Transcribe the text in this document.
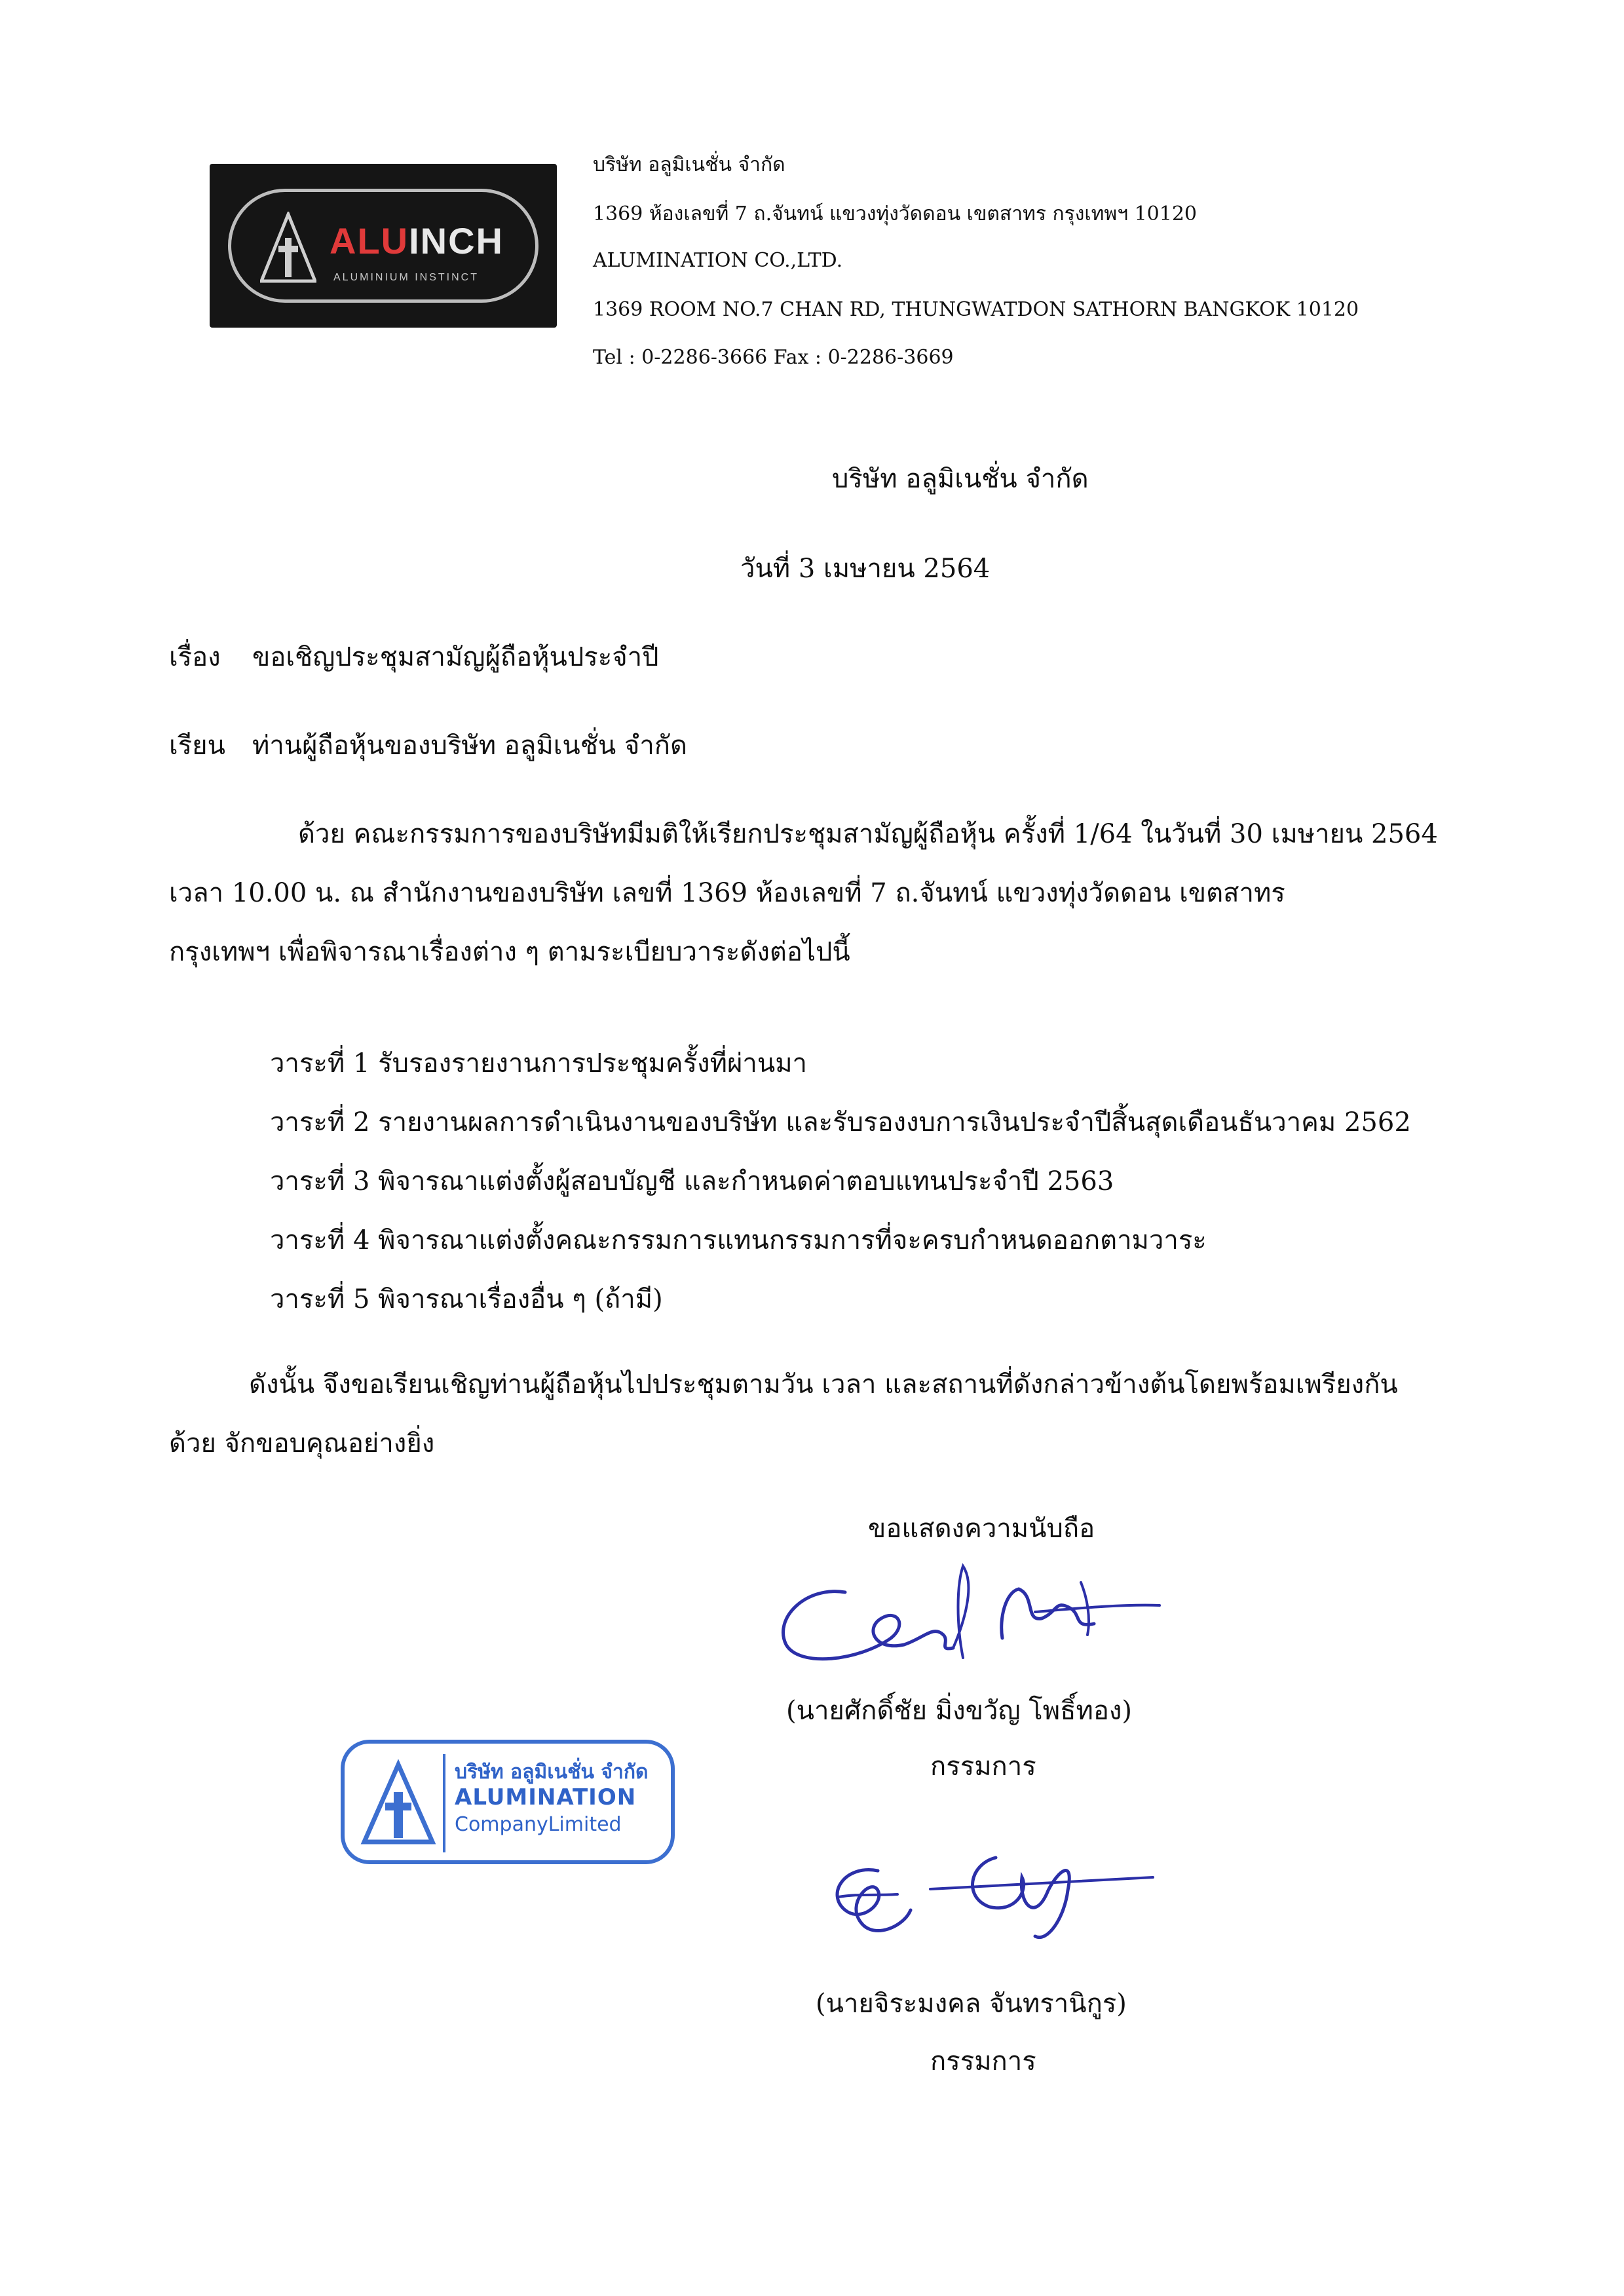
ALUINCH
ALUMINIUM INSTINCT
บริษัท อลูมิเนชั่น จำกัด
1369 ห้องเลขที่ 7 ถ.จันทน์ แขวงทุ่งวัดดอน เขตสาทร กรุงเทพฯ 10120
ALUMINATION CO.,LTD.
1369 ROOM NO.7 CHAN RD, THUNGWATDON SATHORN BANGKOK 10120
Tel : 0-2286-3666 Fax : 0-2286-3669
บริษัท อลูมิเนชั่น จำกัด
วันที่ 3 เมษายน 2564
เรื่อง ขอเชิญประชุมสามัญผู้ถือหุ้นประจำปี
เรียน ท่านผู้ถือหุ้นของบริษัท อลูมิเนชั่น จำกัด
ด้วย คณะกรรมการของบริษัทมีมติให้เรียกประชุมสามัญผู้ถือหุ้น ครั้งที่ 1/64 ในวันที่ 30 เมษายน 2564
เวลา 10.00 น. ณ สำนักงานของบริษัท เลขที่ 1369 ห้องเลขที่ 7 ถ.จันทน์ แขวงทุ่งวัดดอน เขตสาทร
กรุงเทพฯ เพื่อพิจารณาเรื่องต่าง ๆ ตามระเบียบวาระดังต่อไปนี้
วาระที่ 1 รับรองรายงานการประชุมครั้งที่ผ่านมา
วาระที่ 2 รายงานผลการดำเนินงานของบริษัท และรับรองงบการเงินประจำปีสิ้นสุดเดือนธันวาคม 2562
วาระที่ 3 พิจารณาแต่งตั้งผู้สอบบัญชี และกำหนดค่าตอบแทนประจำปี 2563
วาระที่ 4 พิจารณาแต่งตั้งคณะกรรมการแทนกรรมการที่จะครบกำหนดออกตามวาระ
วาระที่ 5 พิจารณาเรื่องอื่น ๆ (ถ้ามี)
ดังนั้น จึงขอเรียนเชิญท่านผู้ถือหุ้นไปประชุมตามวัน เวลา และสถานที่ดังกล่าวข้างต้นโดยพร้อมเพรียงกัน
ด้วย จักขอบคุณอย่างยิ่ง
ขอแสดงความนับถือ
(นายศักดิ์ชัย มิ่งขวัญ โพธิ์ทอง)
กรรมการ
(นายจิระมงคล จันทรานิกูร)
กรรมการ
บริษัท อลูมิเนชั่น จำกัด
ALUMINATION
CompanyLimited
